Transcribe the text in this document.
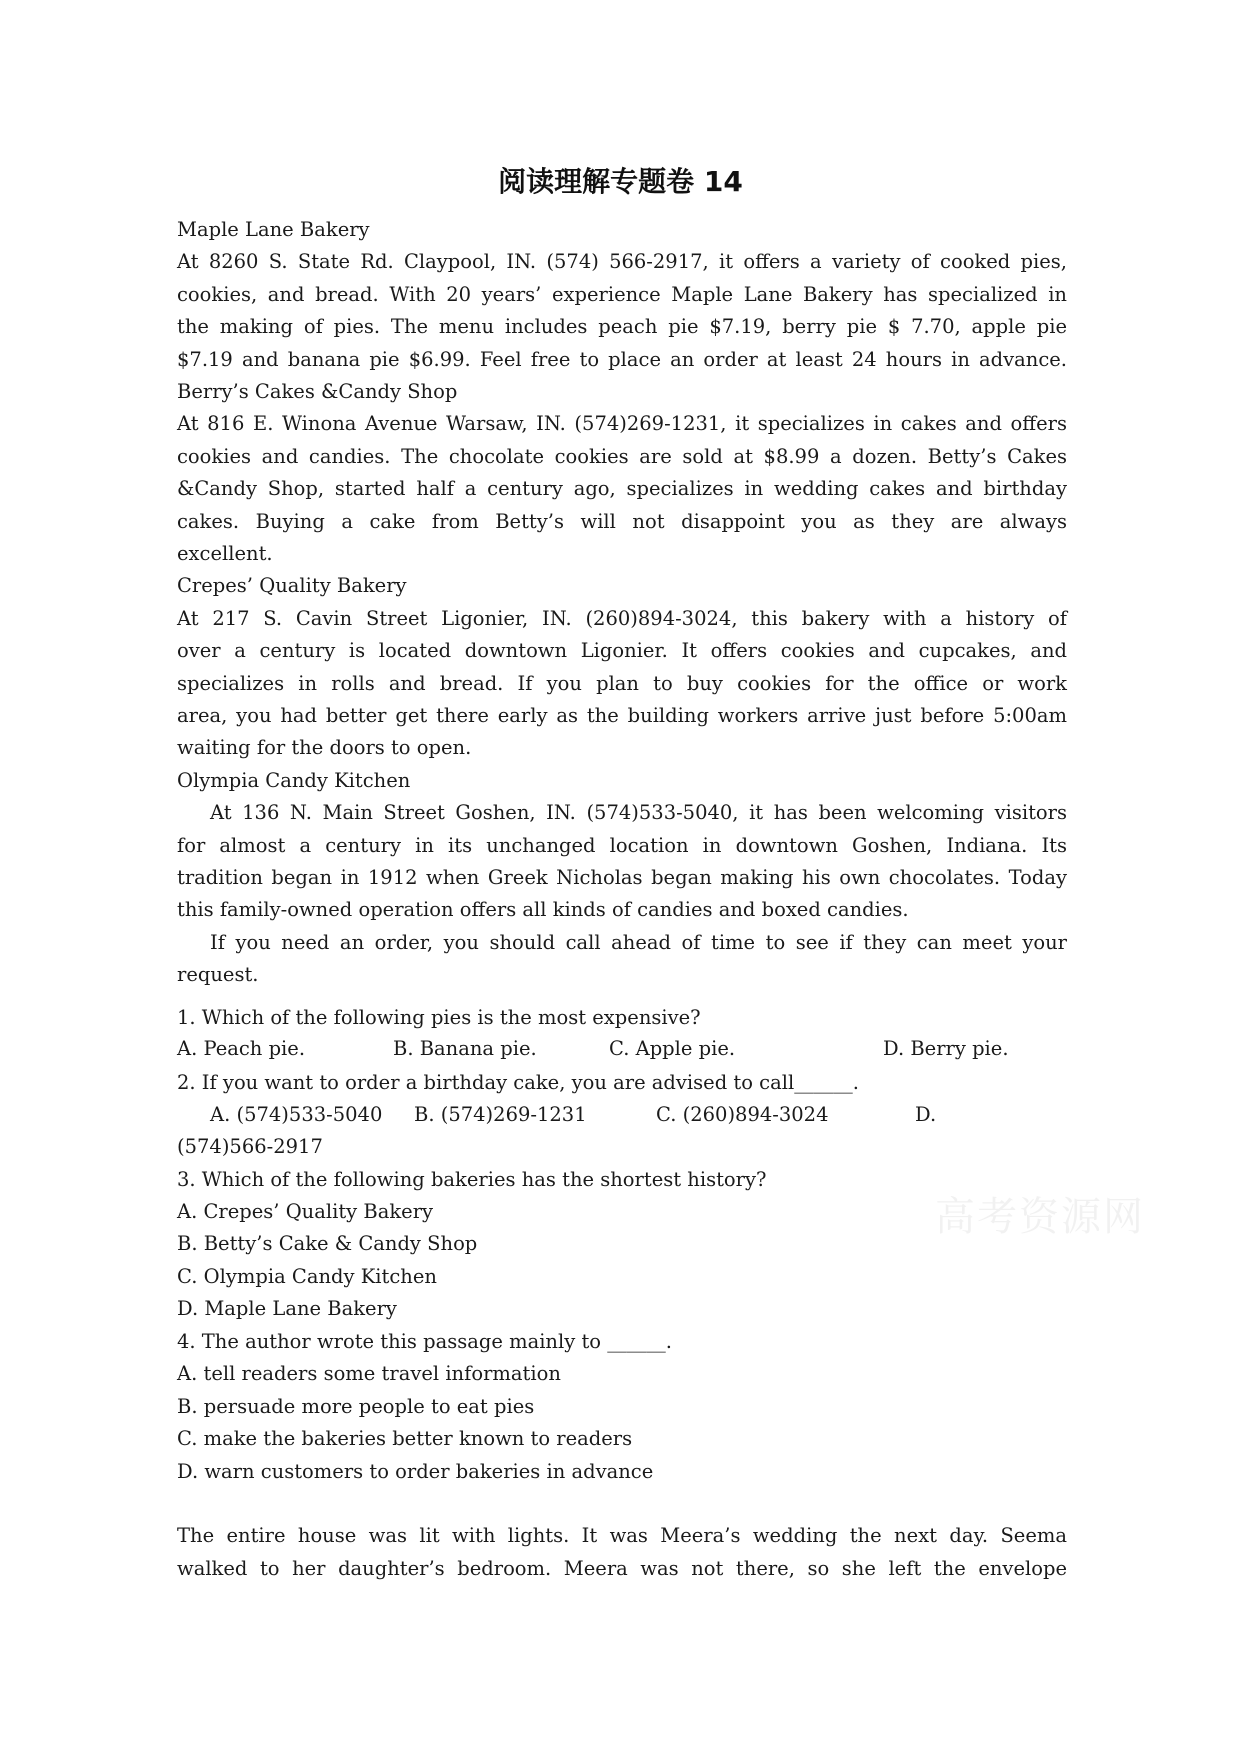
阅读理解专题卷 14
Maple Lane Bakery
At 8260 S. State Rd. Claypool, IN. (574) 566-2917, it offers a variety of cooked pies,
cookies, and bread. With 20 years’ experience Maple Lane Bakery has specialized in
the making of pies. The menu includes peach pie $7.19, berry pie $ 7.70, apple pie
$7.19 and banana pie $6.99. Feel free to place an order at least 24 hours in advance.
Berry’s Cakes &Candy Shop
At 816 E. Winona Avenue Warsaw, IN. (574)269-1231, it specializes in cakes and offers
cookies and candies. The chocolate cookies are sold at $8.99 a dozen. Betty’s Cakes
&Candy Shop, started half a century ago, specializes in wedding cakes and birthday
cakes. Buying a cake from Betty’s will not disappoint you as they are always
excellent.
Crepes’ Quality Bakery
At 217 S. Cavin Street Ligonier, IN. (260)894-3024, this bakery with a history of
over a century is located downtown Ligonier. It offers cookies and cupcakes, and
specializes in rolls and bread. If you plan to buy cookies for the office or work
area, you had better get there early as the building workers arrive just before 5:00am
waiting for the doors to open.
Olympia Candy Kitchen
At 136 N. Main Street Goshen, IN. (574)533-5040, it has been welcoming visitors
for almost a century in its unchanged location in downtown Goshen, Indiana. Its
tradition began in 1912 when Greek Nicholas began making his own chocolates. Today
this family-owned operation offers all kinds of candies and boxed candies.
If you need an order, you should call ahead of time to see if they can meet your
request.
1. Which of the following pies is the most expensive?
A. Peach pie.	B. Banana pie.	C. Apple pie.	D. Berry pie.
2. If you want to order a birthday cake, you are advised to call______.
A. (574)533-5040 B. (574)269-1231	C. (260)894-3024	D.
(574)566-2917
3. Which of the following bakeries has the shortest history?
A. Crepes’ Quality Bakery
B. Betty’s Cake & Candy Shop
C. Olympia Candy Kitchen
D. Maple Lane Bakery
4. The author wrote this passage mainly to ______.
A. tell readers some travel information
B. persuade more people to eat pies
C. make the bakeries better known to readers
D. warn customers to order bakeries in advance
The entire house was lit with lights. It was Meera’s wedding the next day. Seema
walked to her daughter’s bedroom. Meera was not there, so she left the envelope
高考资源网
